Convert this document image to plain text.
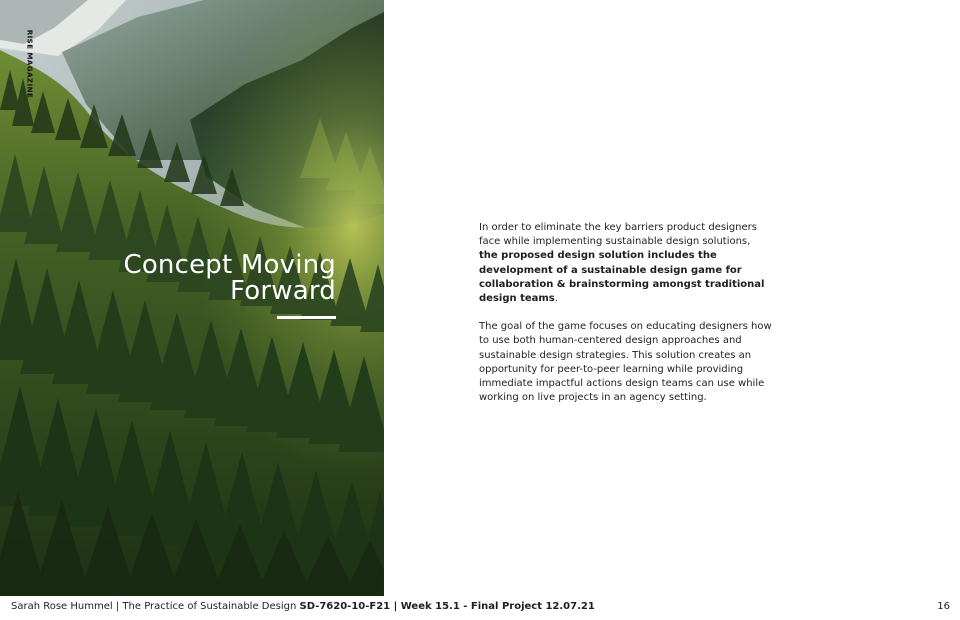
RISE MAGAZINE
Concept Moving
Forward

In order to eliminate the key barriers product designers face while implementing sustainable design solutions,
the proposed design solution includes the development of a sustainable design game for collaboration & brainstorming amongst traditional design teams.

The goal of the game focuses on educating designers how to use both human-centered design approaches and sustainable design strategies. This solution creates an opportunity for peer-to-peer learning while providing immediate impactful actions design teams can use while working on live projects in an agency setting.

Sarah Rose Hummel | The Practice of Sustainable Design SD-7620-10-F21 | Week 15.1 - Final Project 12.07.21	16
